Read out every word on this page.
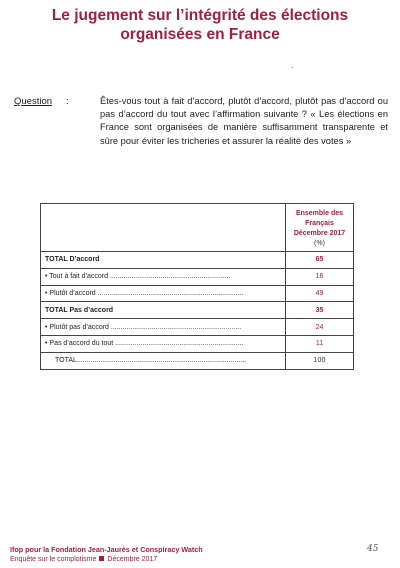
Le jugement sur l’intégrité des élections organisées en France
.
Question :	Êtes-vous tout à fait d’accord, plutôt d’accord, plutôt pas d’accord ou pas d’accord du tout avec l’affirmation suivante ? « Les élections en France sont organisées de manière suffisamment transparente et sûre pour éviter les tricheries et assurer la réalité des votes »

	Ensemble des
Français
Décembre 2017
(%)

TOTAL D’accord	65
• Tout à fait d’accord ..............................................................	16
• Plutôt d’accord ...........................................................................	49
TOTAL Pas d’accord	35
• Plutôt pas d’accord ...................................................................	24
• Pas d’accord du tout ..................................................................	11
TOTAL.......................................................................................	100
Ifop pour la Fondation Jean-Jaurès et Conspiracy Watch
Enquête sur le complotisme Décembre 2017
45
